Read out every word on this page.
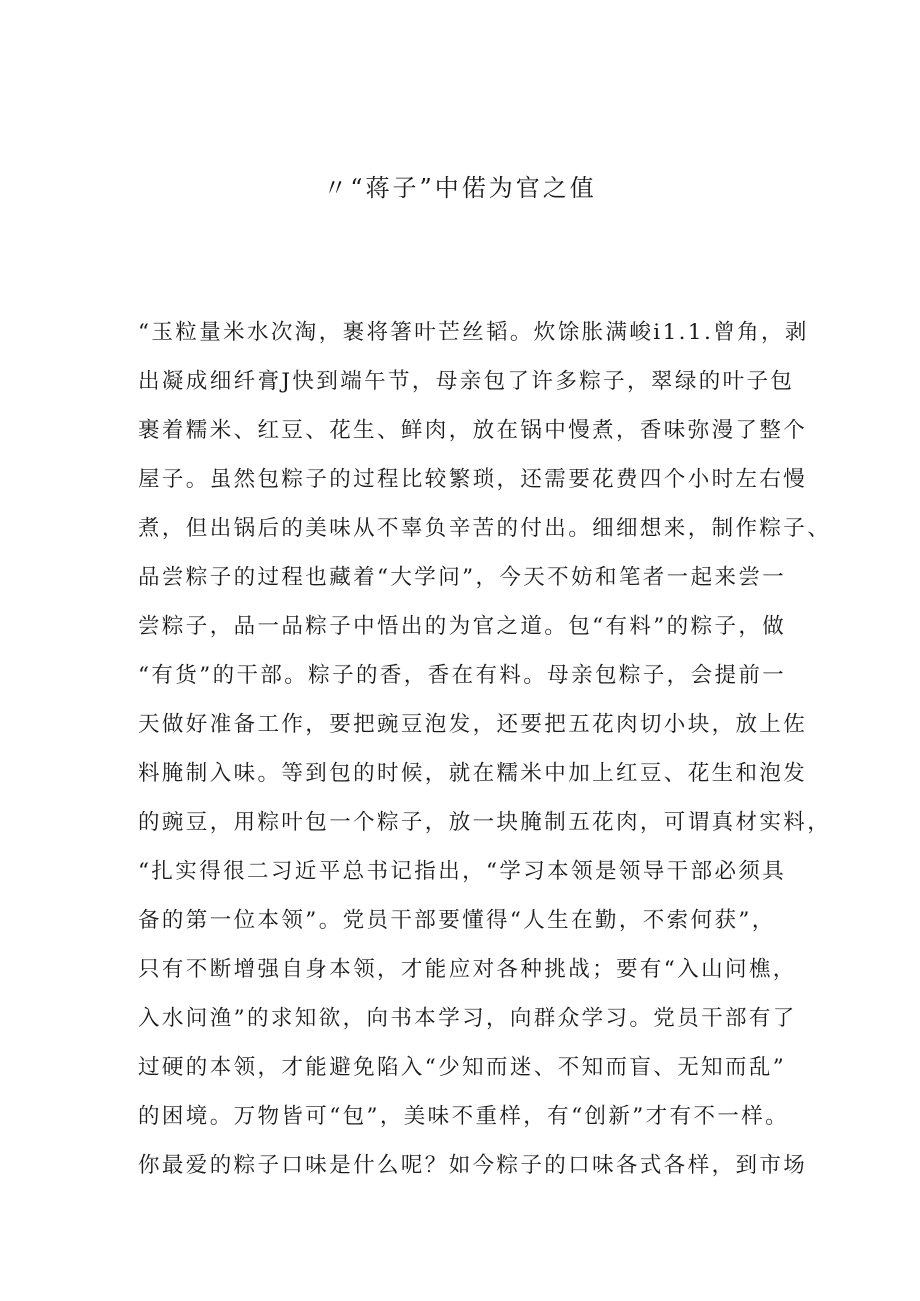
〃“蒋子”中偌为官之值
“玉粒量米水次淘，裹将箸叶芒丝韬。炊馀胀满峻i1.1.曾角，剥
出凝成细纤膏J快到端午节，母亲包了许多粽子，翠绿的叶子包
裹着糯米、红豆、花生、鲜肉，放在锅中慢煮，香味弥漫了整个
屋子。虽然包粽子的过程比较繁琐，还需要花费四个小时左右慢
煮，但出锅后的美味从不辜负辛苦的付出。细细想来，制作粽子、
品尝粽子的过程也藏着“大学问”，今天不妨和笔者一起来尝一
尝粽子，品一品粽子中悟出的为官之道。包“有料”的粽子，做
“有货”的干部。粽子的香，香在有料。母亲包粽子，会提前一
天做好准备工作，要把豌豆泡发，还要把五花肉切小块，放上佐
料腌制入味。等到包的时候，就在糯米中加上红豆、花生和泡发
的豌豆，用粽叶包一个粽子，放一块腌制五花肉，可谓真材实料，
“扎实得很二习近平总书记指出，“学习本领是领导干部必须具
备的第一位本领”。党员干部要懂得“人生在勤，不索何获”，
只有不断增强自身本领，才能应对各种挑战；要有“入山问樵，
入水问渔”的求知欲，向书本学习，向群众学习。党员干部有了
过硬的本领，才能避免陷入“少知而迷、不知而盲、无知而乱”
的困境。万物皆可“包”，美味不重样，有“创新”才有不一样。
你最爱的粽子口味是什么呢？如今粽子的口味各式各样，到市场
